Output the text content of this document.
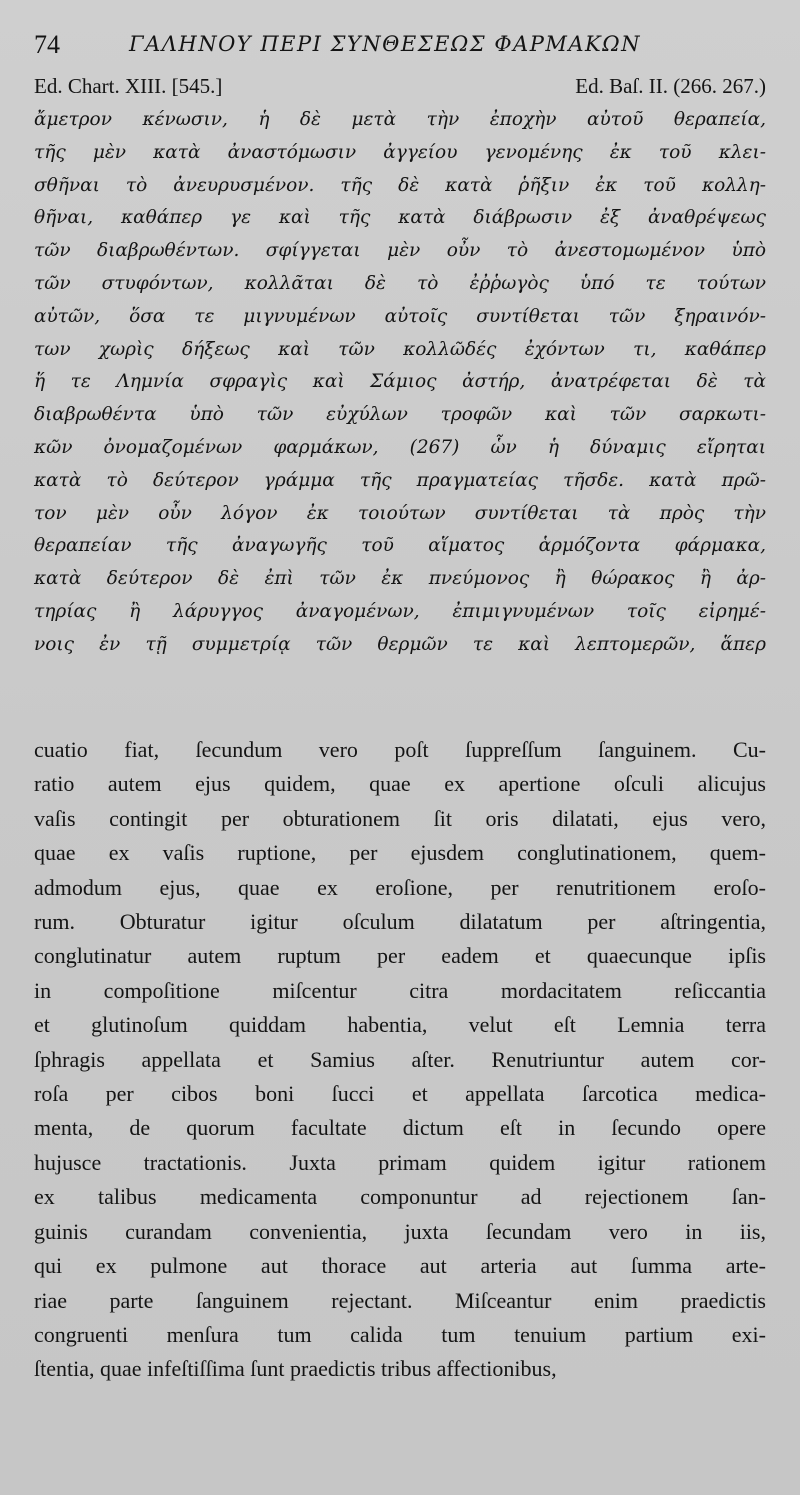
74	ΓΑΛΗΝΟΥ ΠΕΡΙ ΣΥΝΘΕΣΕΩΣ ΦΑΡΜΑΚΩΝ
Ed. Chart. XIII. [545.]	Ed. Baſ. II. (266. 267.)
ἄμετρον κένωσιν, ἡ δὲ μετὰ τὴν ἐποχὴν αὐτοῦ θεραπεία,
τῆς μὲν κατὰ ἀναστόμωσιν ἀγγείου γενομένης ἐκ τοῦ κλει-
σθῆναι τὸ ἀνευρυσμένον. τῆς δὲ κατὰ ῥῆξιν ἐκ τοῦ κολλη-
θῆναι, καθάπερ γε καὶ τῆς κατὰ διάβρωσιν ἐξ ἀναθρέψεως
τῶν διαβρωθέντων. σφίγγεται μὲν οὖν τὸ ἀνεστομωμένον ὑπὸ
τῶν στυφόντων, κολλᾶται δὲ τὸ ἐῤῥωγὸς ὑπό τε τούτων
αὐτῶν, ὅσα τε μιγνυμένων αὐτοῖς συντίθεται τῶν ξηραινόν-
των χωρὶς δήξεως καὶ τῶν κολλῶδές ἐχόντων τι, καθάπερ
ἥ τε Λημνία σφραγὶς καὶ Σάμιος ἀστήρ, ἀνατρέφεται δὲ τὰ
διαβρωθέντα ὑπὸ τῶν εὐχύλων τροφῶν καὶ τῶν σαρκωτι-
κῶν ὀνομαζομένων φαρμάκων, (267) ὧν ἡ δύναμις εἴρηται
κατὰ τὸ δεύτερον γράμμα τῆς πραγματείας τῆσδε. κατὰ πρῶ-
τον μὲν οὖν λόγον ἐκ τοιούτων συντίθεται τὰ πρὸς τὴν
θεραπείαν τῆς ἀναγωγῆς τοῦ αἵματος ἁρμόζοντα φάρμακα,
κατὰ δεύτερον δὲ ἐπὶ τῶν ἐκ πνεύμονος ἢ θώρακος ἢ ἀρ-
τηρίας ἢ λάρυγγος ἀναγομένων, ἐπιμιγνυμένων τοῖς εἰρημέ-
νοις ἐν τῇ συμμετρίᾳ τῶν θερμῶν τε καὶ λεπτομερῶν, ἅπερ
cuatio fiat, ſecundum vero poſt ſuppreſſum ſanguinem. Cu-
ratio autem ejus quidem, quae ex apertione oſculi alicujus
vaſis contingit per obturationem ſit oris dilatati, ejus vero,
quae ex vaſis ruptione, per ejusdem conglutinationem, quem-
admodum ejus, quae ex eroſione, per renutritionem eroſo-
rum. Obturatur igitur oſculum dilatatum per aſtringentia,
conglutinatur autem ruptum per eadem et quaecunque ipſis
in compoſitione miſcentur citra mordacitatem reſiccantia
et glutinoſum quiddam habentia, velut eſt Lemnia terra
ſphragis appellata et Samius aſter. Renutriuntur autem cor-
roſa per cibos boni ſucci et appellata ſarcotica medica-
menta, de quorum facultate dictum eſt in ſecundo opere
hujusce tractationis. Juxta primam quidem igitur rationem
ex talibus medicamenta componuntur ad rejectionem ſan-
guinis curandam convenientia, juxta ſecundam vero in iis,
qui ex pulmone aut thorace aut arteria aut ſumma arte-
riae parte ſanguinem rejectant. Miſceantur enim praedictis
congruenti menſura tum calida tum tenuium partium exi-
ſtentia, quae infeſtiſſima ſunt praedictis tribus affectionibus,
